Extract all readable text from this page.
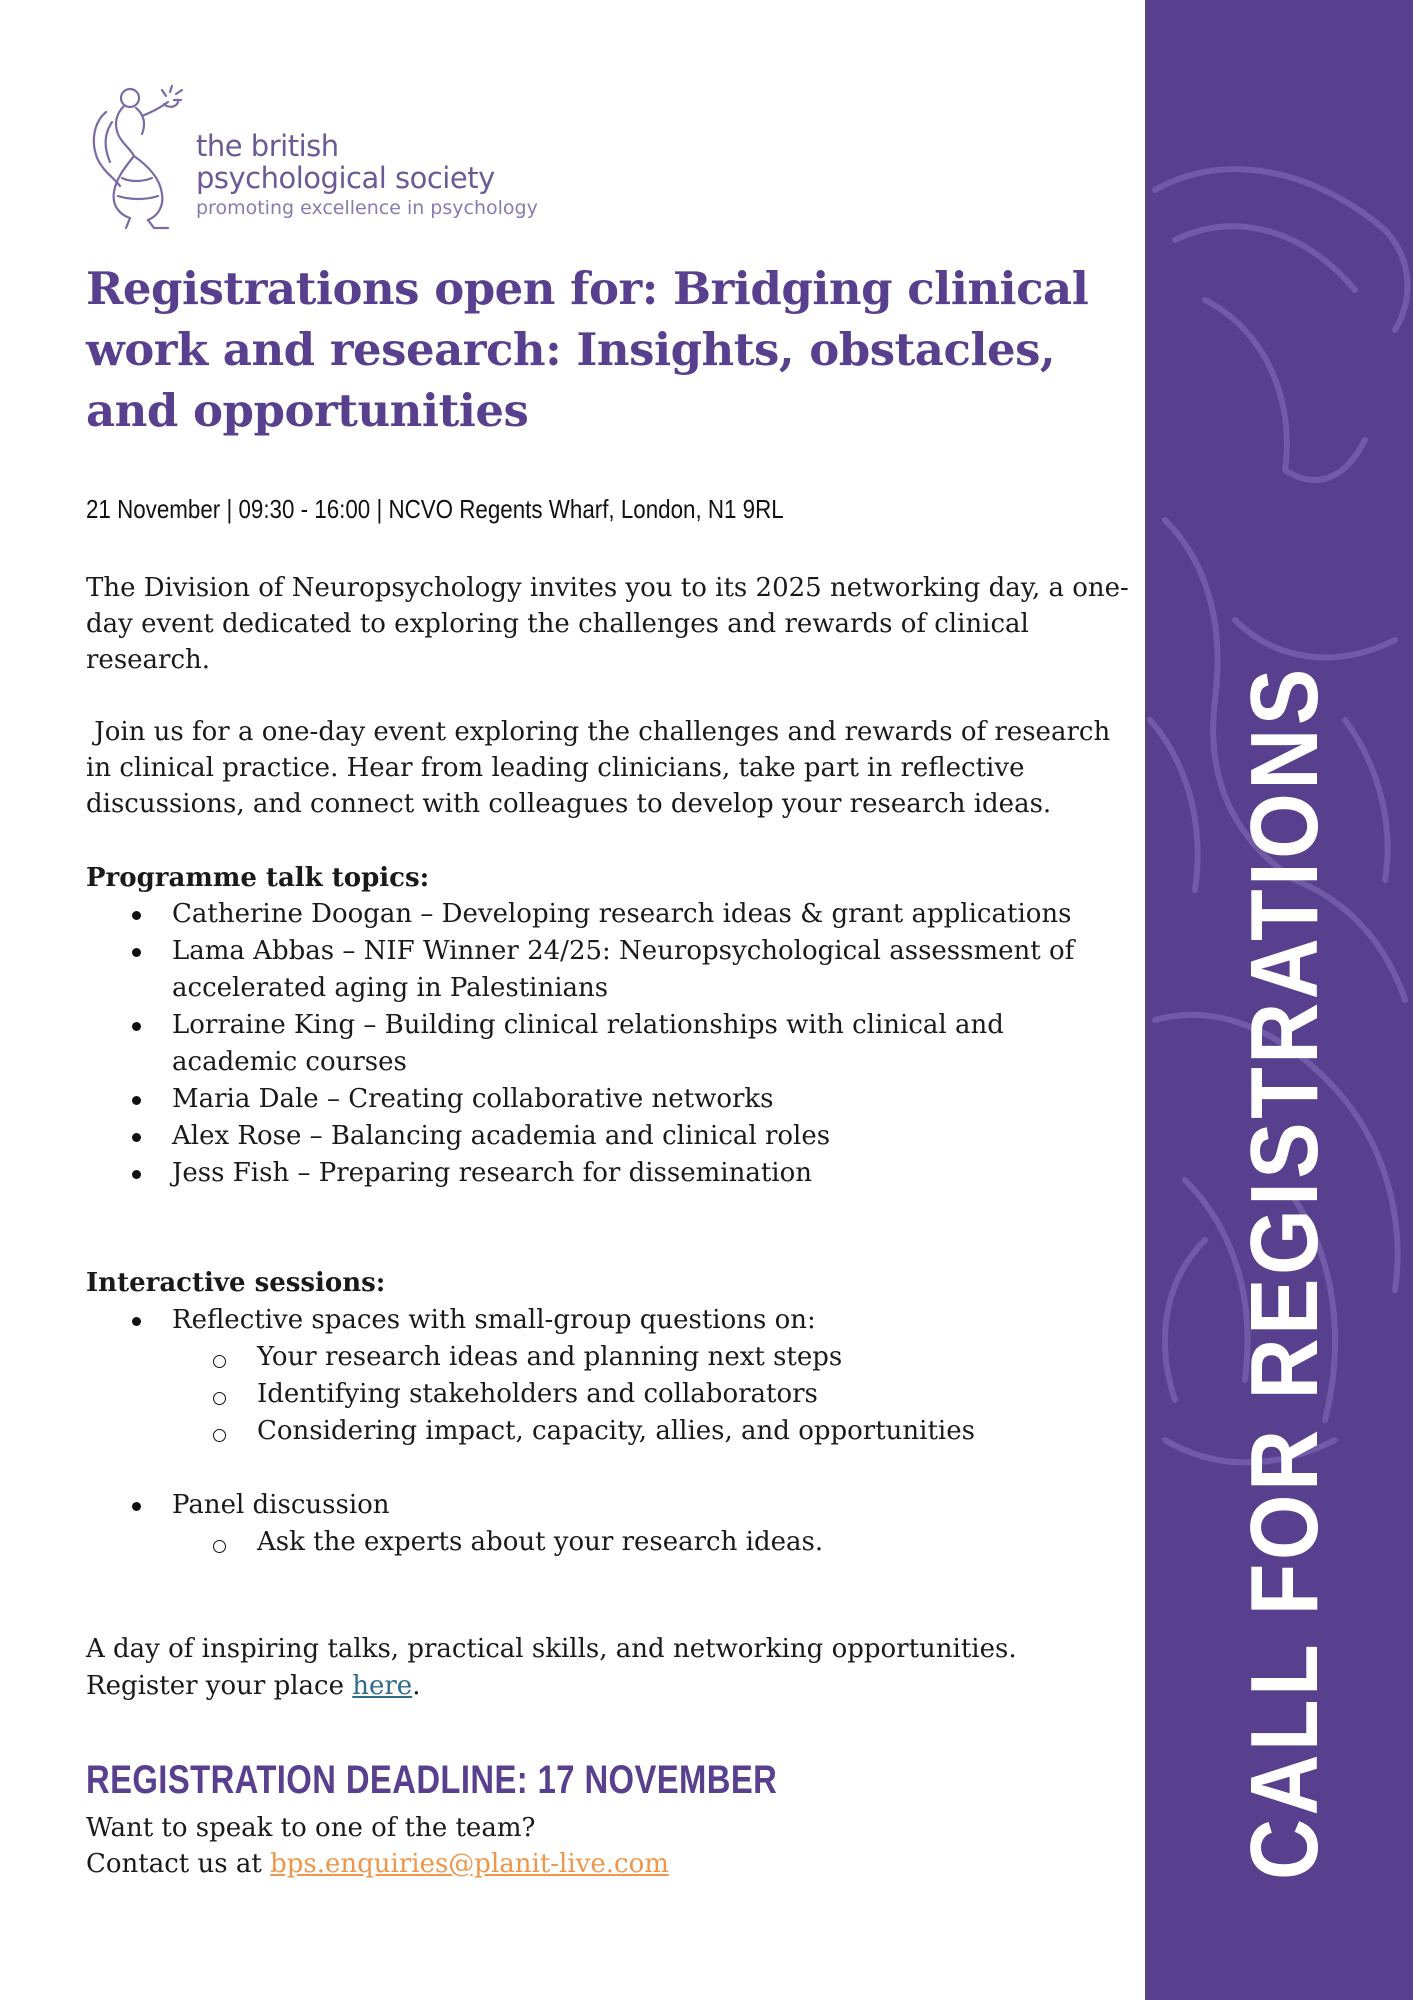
the british
psychological society
promoting excellence in psychology
Registrations open for: Bridging clinical work and research: Insights, obstacles, and opportunities
21 November | 09:30 - 16:00 | NCVO Regents Wharf, London, N1 9RL

The Division of Neuropsychology invites you to its 2025 networking day, a one-day event dedicated to exploring the challenges and rewards of clinical research.

Join us for a one-day event exploring the challenges and rewards of research in clinical practice. Hear from leading clinicians, take part in reflective discussions, and connect with colleagues to develop your research ideas.

Programme talk topics:
Catherine Doogan – Developing research ideas & grant applications
Lama Abbas – NIF Winner 24/25: Neuropsychological assessment of accelerated aging in Palestinians
Lorraine King – Building clinical relationships with clinical and academic courses
Maria Dale – Creating collaborative networks
Alex Rose – Balancing academia and clinical roles
Jess Fish – Preparing research for dissemination
Interactive sessions:
Reflective spaces with small-group questions on:
Your research ideas and planning next steps
Identifying stakeholders and collaborators
Considering impact, capacity, allies, and opportunities
Panel discussion
Ask the experts about your research ideas.
A day of inspiring talks, practical skills, and networking opportunities.
Register your place here.
REGISTRATION DEADLINE: 17 NOVEMBER
Want to speak to one of the team?
Contact us at bps.enquiries@planit-live.com	CALL FOR REGISTRATIONS
